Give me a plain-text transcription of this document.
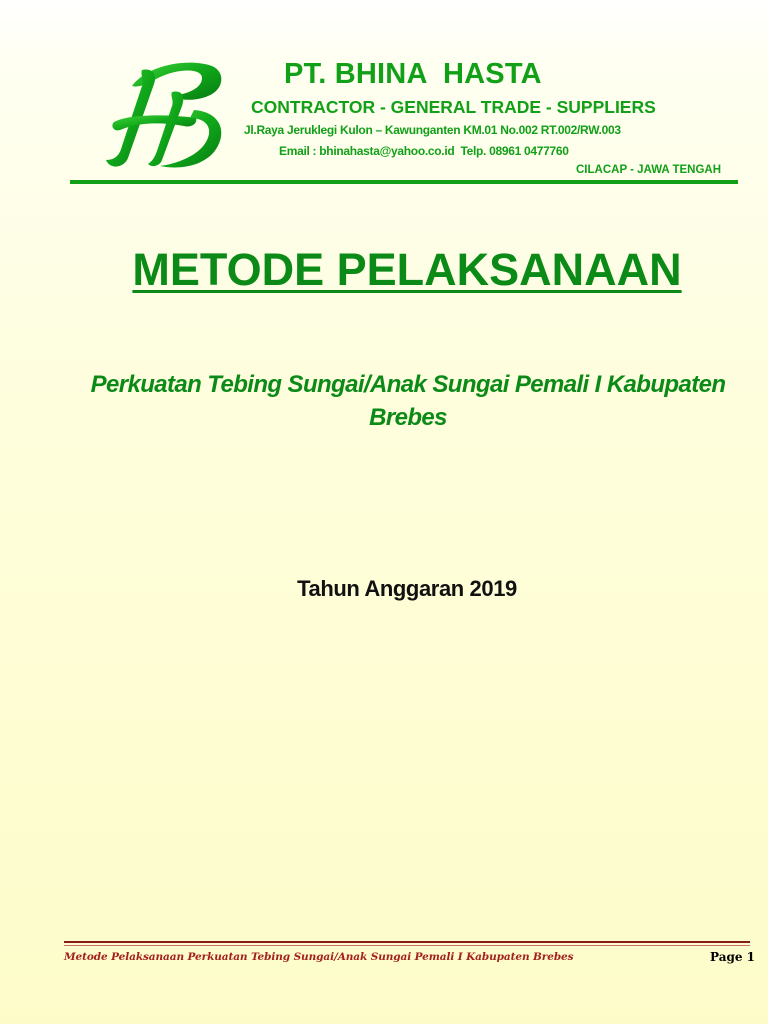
PT. BHINA  HASTA
CONTRACTOR - GENERAL TRADE - SUPPLIERS
Jl.Raya Jeruklegi Kulon – Kawunganten KM.01 No.002 RT.002/RW.003
Email : bhinahasta@yahoo.co.id  Telp. 08961 0477760
CILACAP - JAWA TENGAH
METODE PELAKSANAAN
Perkuatan Tebing Sungai/Anak Sungai Pemali I Kabupaten
Brebes
Tahun Anggaran 2019
Metode Pelaksanaan Perkuatan Tebing Sungai/Anak Sungai Pemali I Kabupaten Brebes	Page 1
